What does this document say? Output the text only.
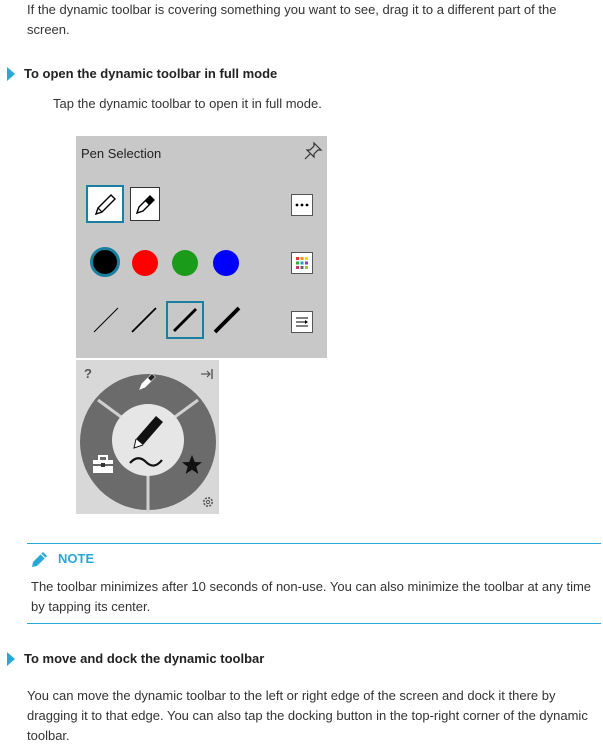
If the dynamic toolbar is covering something you want to see, drag it to a different part of the
screen.
To open the dynamic toolbar in full mode
Tap the dynamic toolbar to open it in full mode.
Pen Selection
?
NOTE
The toolbar minimizes after 10 seconds of non-use. You can also minimize the toolbar at any time
by tapping its center.
To move and dock the dynamic toolbar
You can move the dynamic toolbar to the left or right edge of the screen and dock it there by
dragging it to that edge. You can also tap the docking button in the top-right corner of the dynamic
toolbar.
